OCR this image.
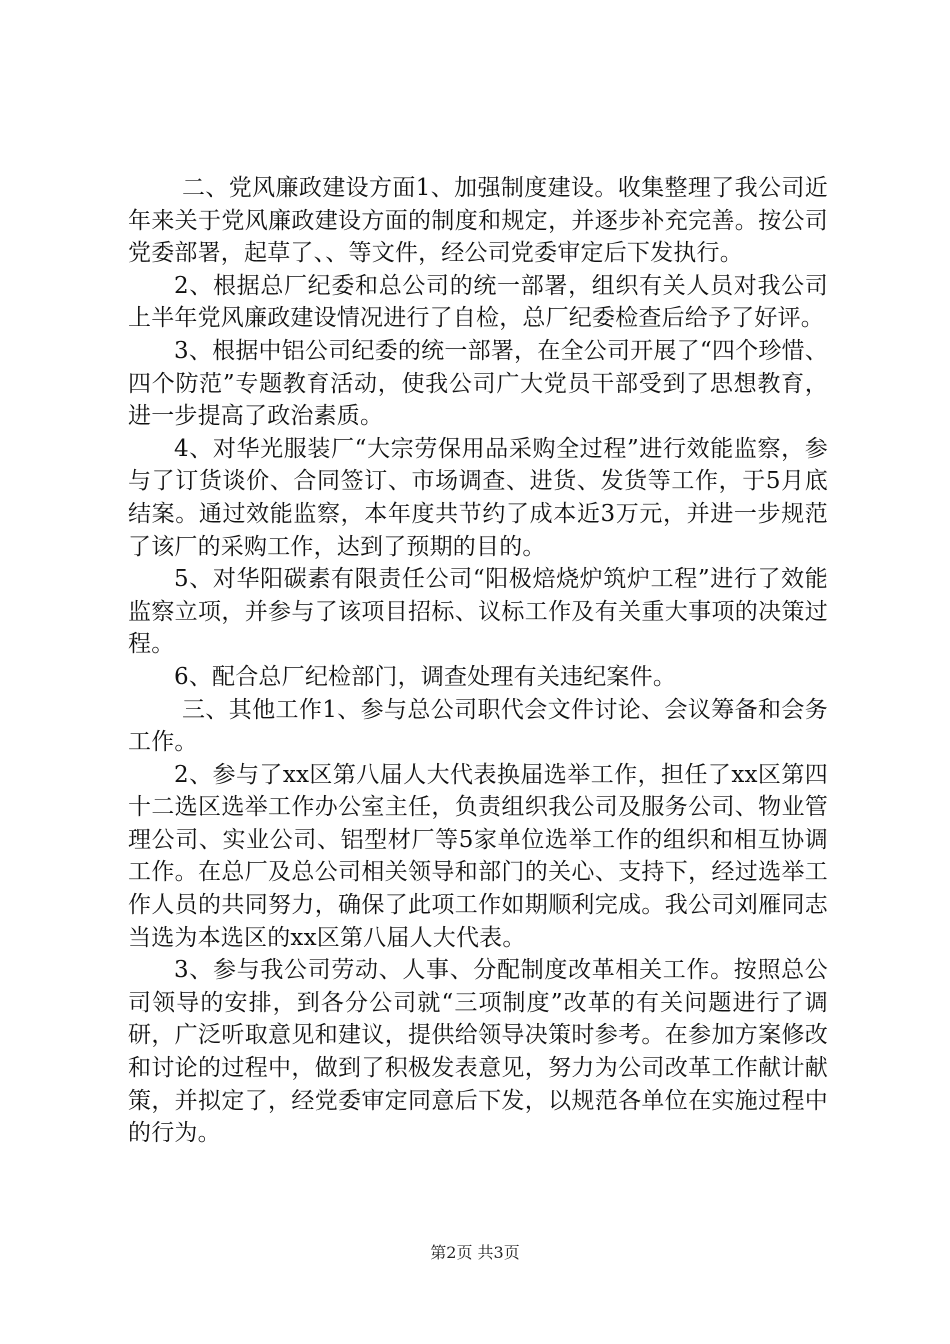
二、党风廉政建设方面1、加强制度建设。收集整理了我公司近年来关于党风廉政建设方面的制度和规定，并逐步补充完善。按公司党委部署，起草了、、等文件，经公司党委审定后下发执行。

2、根据总厂纪委和总公司的统一部署，组织有关人员对我公司上半年党风廉政建设情况进行了自检，总厂纪委检查后给予了好评。

3、根据中铝公司纪委的统一部署，在全公司开展了“四个珍惜、四个防范”专题教育活动，使我公司广大党员干部受到了思想教育，进一步提高了政治素质。

4、对华光服装厂“大宗劳保用品采购全过程”进行效能监察，参与了订货谈价、合同签订、市场调查、进货、发货等工作，于5月底结案。通过效能监察，本年度共节约了成本近3万元，并进一步规范了该厂的采购工作，达到了预期的目的。

5、对华阳碳素有限责任公司“阳极焙烧炉筑炉工程”进行了效能监察立项，并参与了该项目招标、议标工作及有关重大事项的决策过程。

6、配合总厂纪检部门，调查处理有关违纪案件。

三、其他工作1、参与总公司职代会文件讨论、会议筹备和会务工作。

2、参与了xx区第八届人大代表换届选举工作，担任了xx区第四十二选区选举工作办公室主任，负责组织我公司及服务公司、物业管理公司、实业公司、铝型材厂等5家单位选举工作的组织和相互协调工作。在总厂及总公司相关领导和部门的关心、支持下，经过选举工作人员的共同努力，确保了此项工作如期顺利完成。我公司刘雁同志当选为本选区的xx区第八届人大代表。

3、参与我公司劳动、人事、分配制度改革相关工作。按照总公司领导的安排，到各分公司就“三项制度”改革的有关问题进行了调研，广泛听取意见和建议，提供给领导决策时参考。在参加方案修改和讨论的过程中，做到了积极发表意见，努力为公司改革工作献计献策，并拟定了，经党委审定同意后下发，以规范各单位在实施过程中的行为。

第2页 共3页
